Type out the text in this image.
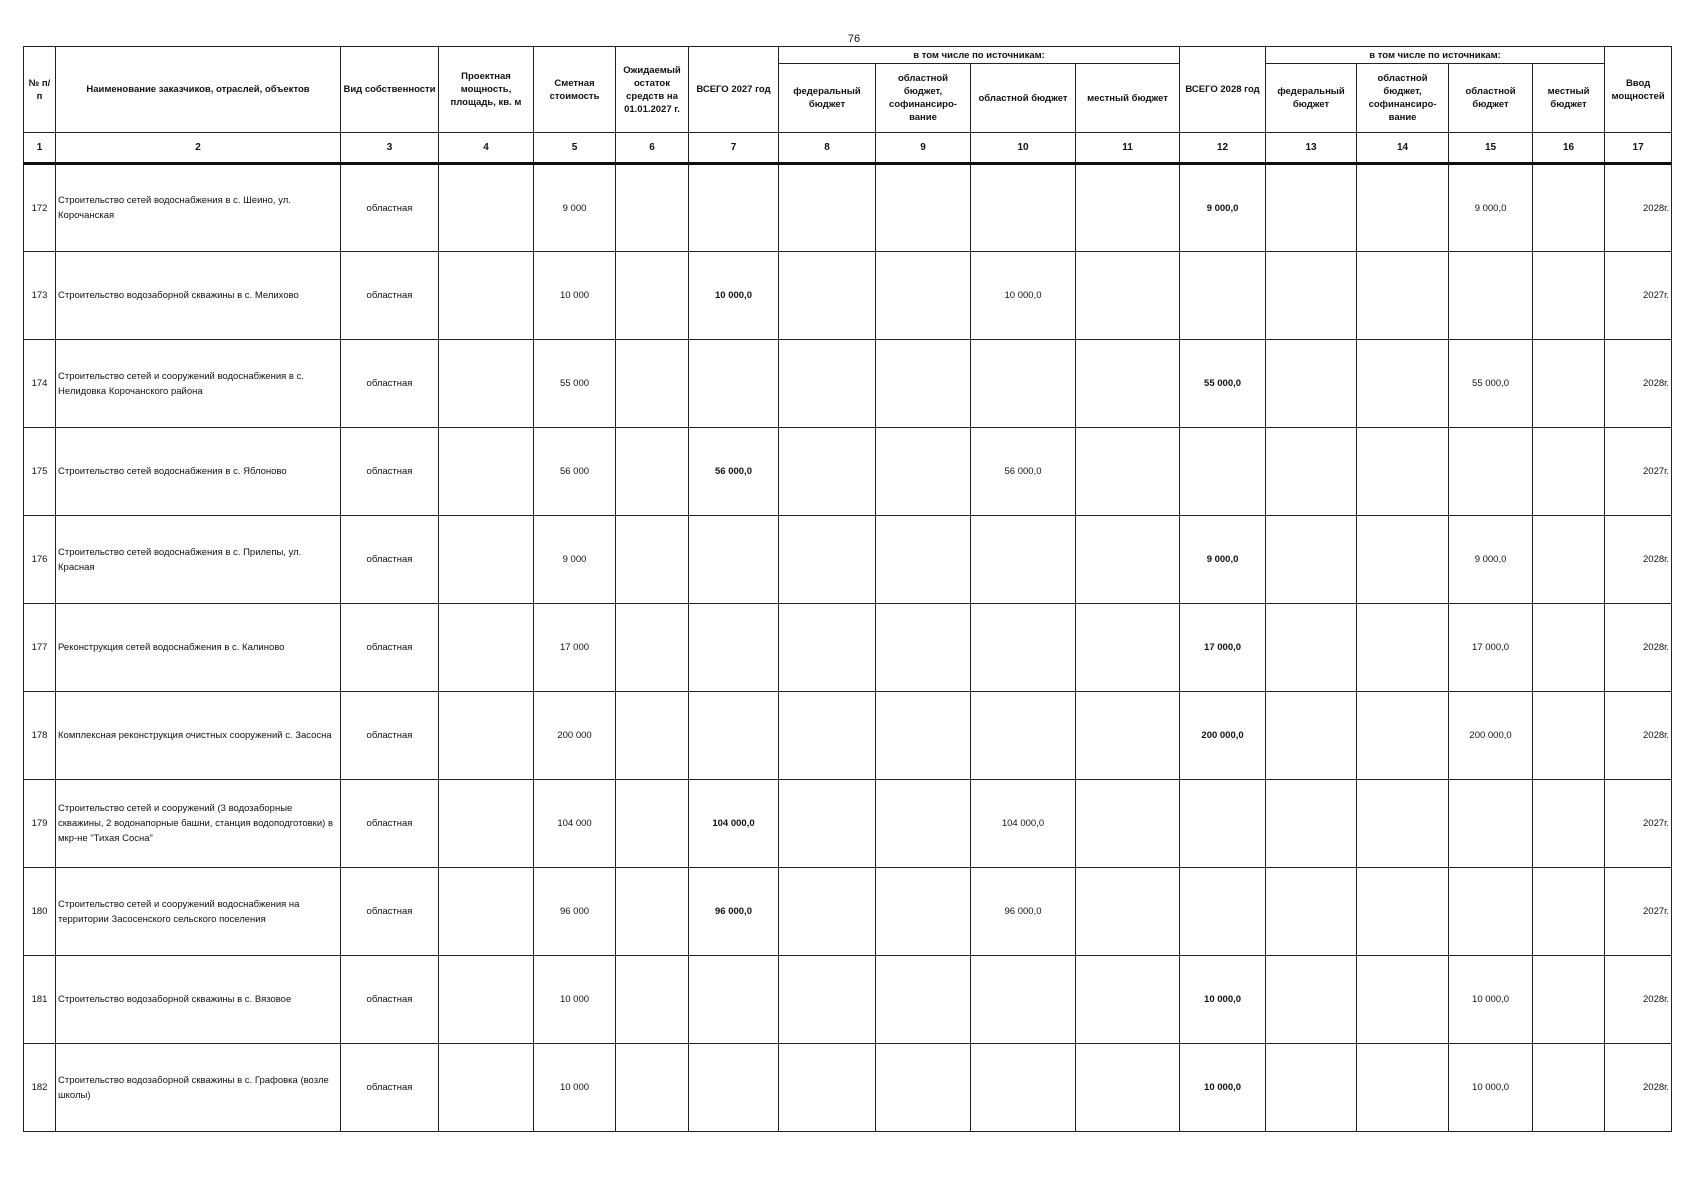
76
№ п/п	Наименование заказчиков, отраслей, объектов	Вид собственности	Проектная мощность, площадь, кв. м	Сметная стоимость	Ожидаемый остаток средств на 01.01.2027 г.	ВСЕГО 2027 год	в том числе по источникам:				ВСЕГО 2028 год	в том числе по источникам:				Ввод мощностей
							федеральный бюджет	областной бюджет, софинансиро-вание	областной бюджет	местный бюджет		федеральный бюджет	областной бюджет, софинансиро-вание	областной бюджет	местный бюджет	
1	2	3	4	5	6	7	8	9	10	11	12	13	14	15	16	17
172	Строительство сетей водоснабжения в с. Шеино, ул. Корочанская	областная		9 000							9 000,0			9 000,0		2028г.
173	Строительство водозаборной скважины в с. Мелихово	областная		10 000		10 000,0			10 000,0							2027г.
174	Строительство сетей и сооружений водоснабжения в с. Нелидовка Корочанского района	областная		55 000							55 000,0			55 000,0		2028г.
175	Строительство сетей водоснабжения в с. Яблоново	областная		56 000		56 000,0			56 000,0							2027г.
176	Строительство сетей водоснабжения в с. Прилепы, ул. Красная	областная		9 000							9 000,0			9 000,0		2028г.
177	Реконструкция сетей водоснабжения в с. Калиново	областная		17 000							17 000,0			17 000,0		2028г.
178	Комплексная реконструкция очистных сооружений с. Засосна	областная		200 000							200 000,0			200 000,0		2028г.
179	Строительство сетей и сооружений (3 водозаборные скважины, 2 водонапорные башни, станция водоподготовки) в мкр-не "Тихая Сосна"	областная		104 000		104 000,0			104 000,0							2027г.
180	Строительство сетей и сооружений водоснабжения на территории Засосенского сельского поселения	областная		96 000		96 000,0			96 000,0							2027г.
181	Строительство водозаборной скважины в с. Вязовое	областная		10 000							10 000,0			10 000,0		2028г.
182	Строительство водозаборной скважины в с. Графовка (возле школы)	областная		10 000							10 000,0			10 000,0		2028г.
